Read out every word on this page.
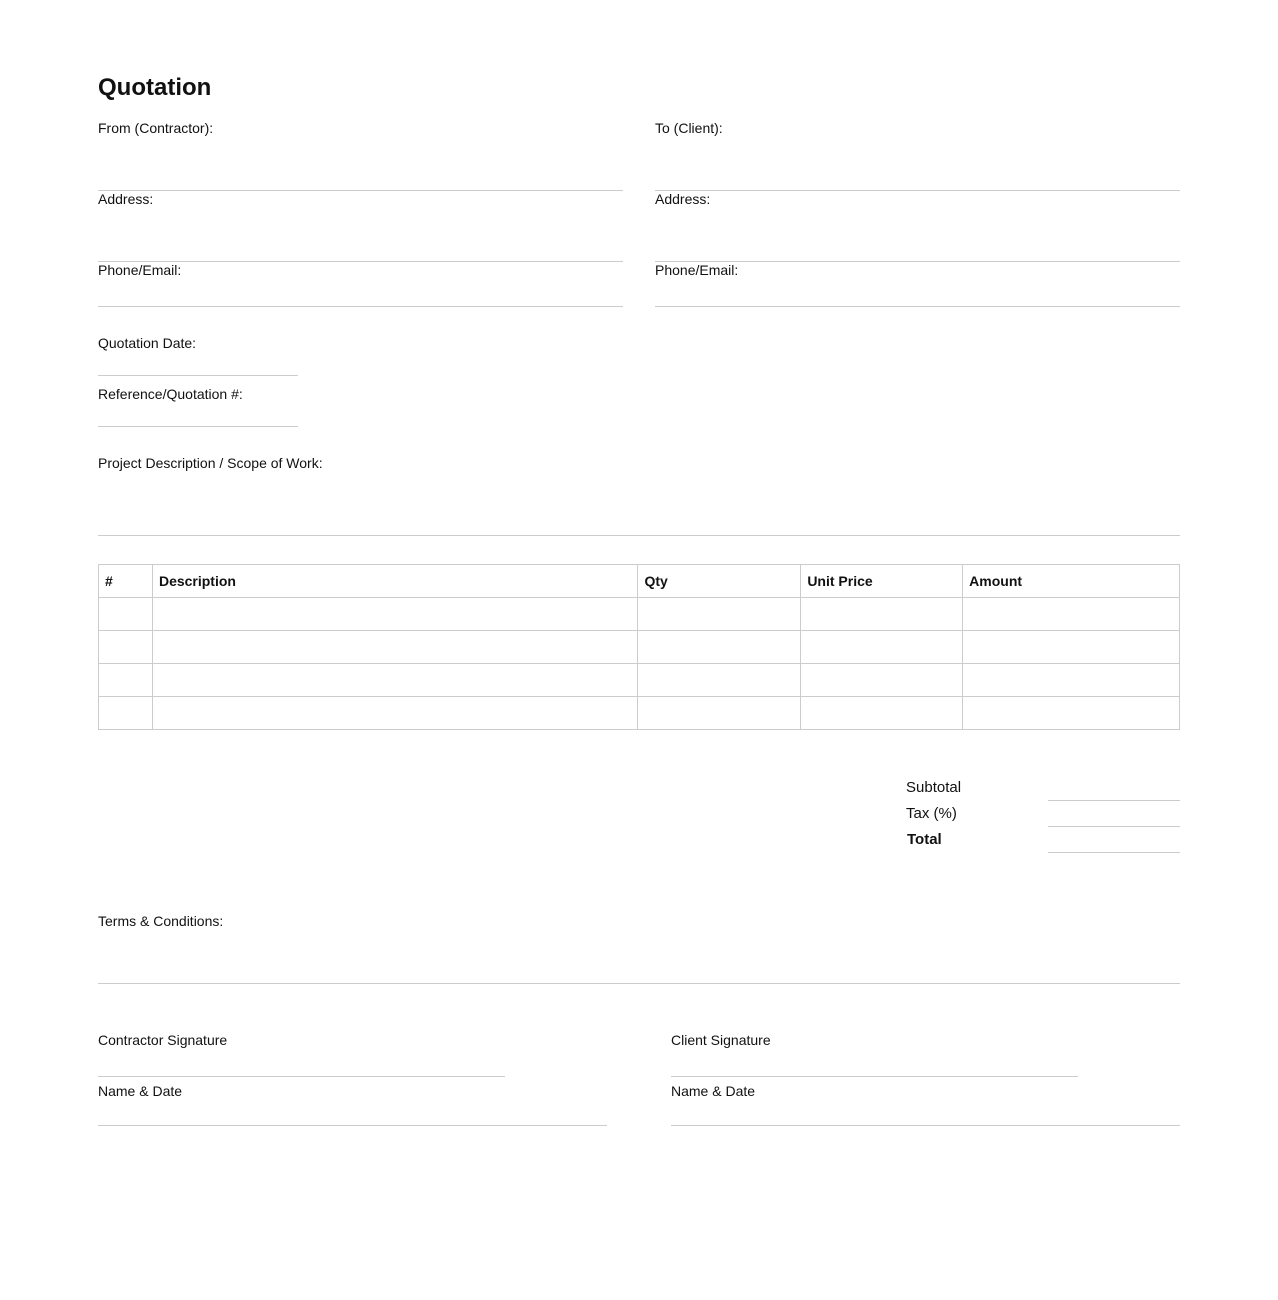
Quotation
From (Contractor):
Address:
Phone/Email:
To (Client):
Address:
Phone/Email:
Quotation Date:
Reference/Quotation #:
Project Description / Scope of Work:
#	Description	Qty	Unit Price	Amount

Subtotal
Tax (%)
Total
Terms & Conditions:
Contractor Signature
Name & Date
Client Signature
Name & Date
